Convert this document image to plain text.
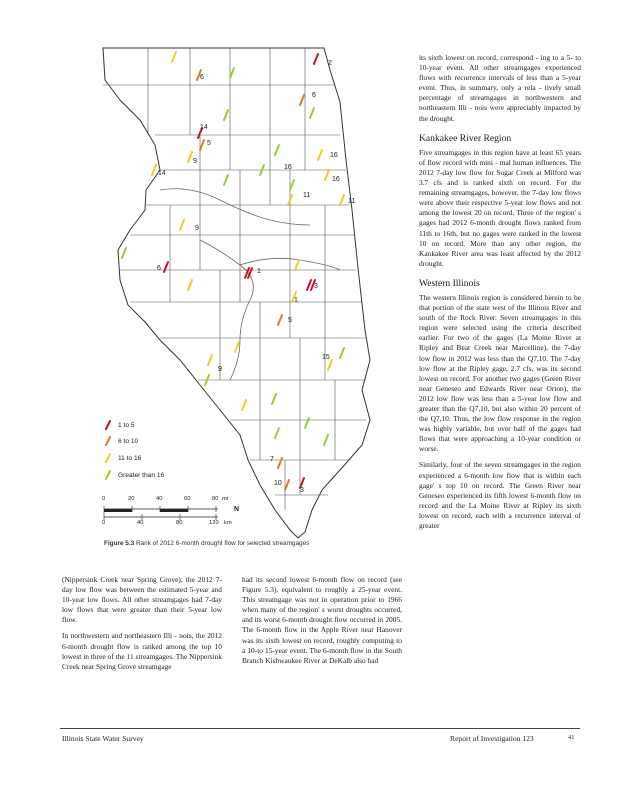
2
6
6
14
5
9
16
16
16
14
11
11
9
6	1
3
1
5
15
9
7
10
3
1 to 5
6 to 10
11 to 16
Greater than 16
0	20	40	60	80 mi
0	40	80	120 km
N
Figure 5.3 Rank of 2012 6-month drought flow for selected streamgages

(Nippersink Creek near Spring Grove), the 2012 7-day low flow was between the estimated 5-year and 10-year low flows. All other streamgages had 7-day low flows that were greater than their 5-year low flow.

In northwestern and northeastern Illi - nois, the 2012 6-month drought flow is ranked among the top 10 lowest in three of the 11 streamgages. The Nippersink Creek near Spring Grove streamgage

had its second lowest 6-month flow on record (see Figure 5.3), equivalent to roughly a 25-year event. This streamgage was not in operation prior to 1966 when many of the region' s worst droughts occurred, and its worst 6-month drought flow occurred in 2005. The 6-month flow in the Apple River near Hanover was its sixth lowest on record, roughly computing to a 10-to 15-year event. The 6-month flow in the South Branch Kishwaukee River at DeKalb also had

its sixth lowest on record, correspond - ing to a 5- to 10-year event. All other streamgages experienced flows with recurrence intervals of less than a 5-year event. Thus, in summary, only a rela - tively small percentage of streamgages in northwestern and northeastern Illi - nois were appreciably impacted by the drought.

Kankakee River Region

Five streamgages in this region have at least 65 years of flow record with mini - mal human influences. The 2012 7-day low flow for Sugar Creek at Milford was 3.7 cfs and is ranked sixth on record. For the remaining streamgages, however, the 7-day low flows were above their respective 5-year low flows and not among the lowest 20 on record. Three of the region' s gages had 2012 6-month drought flows ranked from 11th to 16th, but no gages were ranked in the lowest 10 on record. More than any other region, the Kankakee River area was least affected by the 2012 drought.

Western Illinois

The western Illinois region is considered herein to be that portion of the state west of the Illinois River and south of the Rock River. Seven streamgages in this region were selected using the criteria described earlier. For two of the gages (La Moine River at Ripley and Bear Creek near Marcelline), the 7-day low flow in 2012 was less than the Q7,10. The 7-day low flow at the Ripley gage, 2.7 cfs, was its second lowest on record. For another two gages (Green River near Geneseo and Edwards River near Orion), the 2012 low flow was less than a 5-year low flow and greater than the Q7,10, but also within 20 percent of the Q7,10. Thus, the low flow response in the region was highly variable, but over half of the gages had flows that were approaching a 10-year condition or worse.

Similarly, four of the seven streamgages in the region experienced a 6-month low flow that is within each gage' s top 10 on record. The Green River near Geneseo experienced its fifth lowest 6-month flow on record and the La Moine River at Ripley its sixth lowest on record, each with a recurrence interval of greater

Illinois State Water Survey	Report of Investigation 123	41
